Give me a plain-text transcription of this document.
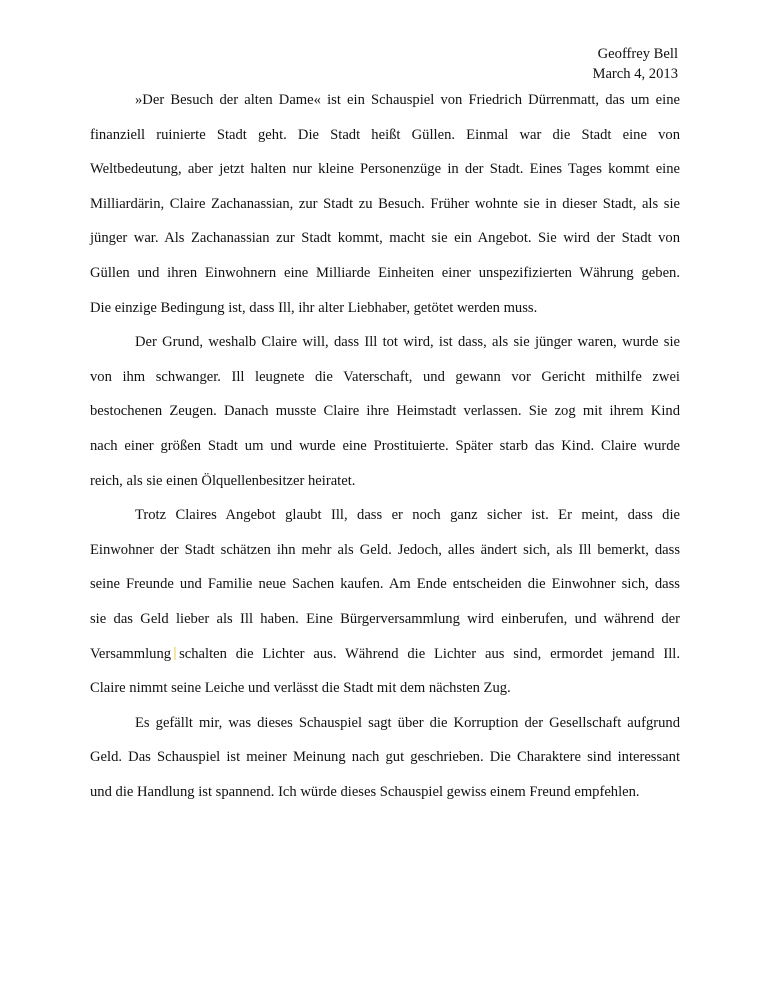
Geoffrey Bell
March 4, 2013
»Der Besuch der alten Dame« ist ein Schauspiel von Friedrich Dürrenmatt, das um eine
finanziell ruinierte Stadt geht. Die Stadt heißt Güllen. Einmal war die Stadt eine von
Weltbedeutung, aber jetzt halten nur kleine Personenzüge in der Stadt. Eines Tages kommt eine
Milliardärin, Claire Zachanassian, zur Stadt zu Besuch. Früher wohnte sie in dieser Stadt, als sie
jünger war. Als Zachanassian zur Stadt kommt, macht sie ein Angebot. Sie wird der Stadt von
Güllen und ihren Einwohnern eine Milliarde Einheiten einer unspezifizierten Währung geben.
Die einzige Bedingung ist, dass Ill, ihr alter Liebhaber, getötet werden muss.
Der Grund, weshalb Claire will, dass Ill tot wird, ist dass, als sie jünger waren, wurde sie
von ihm schwanger. Ill leugnete die Vaterschaft, und gewann vor Gericht mithilfe zwei
bestochenen Zeugen. Danach musste Claire ihre Heimstadt verlassen. Sie zog mit ihrem Kind
nach einer größen Stadt um und wurde eine Prostituierte. Später starb das Kind. Claire wurde
reich, als sie einen Ölquellenbesitzer heiratet.
Trotz Claires Angebot glaubt Ill, dass er noch ganz sicher ist. Er meint, dass die
Einwohner der Stadt schätzen ihn mehr als Geld. Jedoch, alles ändert sich, als Ill bemerkt, dass
seine Freunde und Familie neue Sachen kaufen. Am Ende entscheiden die Einwohner sich, dass
sie das Geld lieber als Ill haben. Eine Bürgerversammlung wird einberufen, und während der
Versammlung schalten die Lichter aus. Während die Lichter aus sind, ermordet jemand Ill.
Claire nimmt seine Leiche und verlässt die Stadt mit dem nächsten Zug.
Es gefällt mir, was dieses Schauspiel sagt über die Korruption der Gesellschaft aufgrund
Geld. Das Schauspiel ist meiner Meinung nach gut geschrieben. Die Charaktere sind interessant
und die Handlung ist spannend. Ich würde dieses Schauspiel gewiss einem Freund empfehlen.
